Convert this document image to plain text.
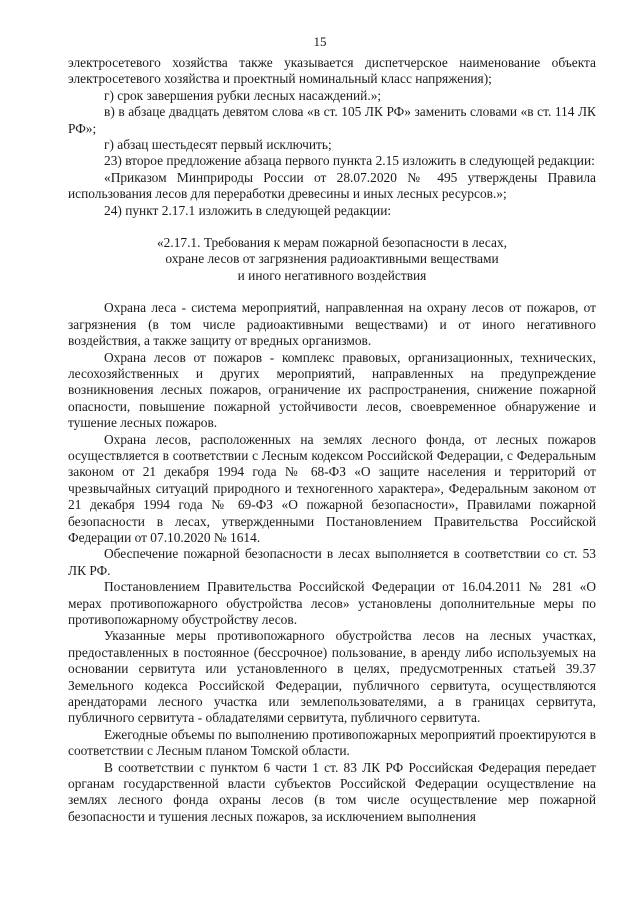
15

электросетевого хозяйства также указывается диспетчерское наименование объекта электросетевого хозяйства и проектный номинальный класс напряжения);

г) срок завершения рубки лесных насаждений.»;

в) в абзаце двадцать девятом слова «в ст. 105 ЛК РФ» заменить словами «в ст. 114 ЛК РФ»;

г) абзац шестьдесят первый исключить;

23) второе предложение абзаца первого пункта 2.15 изложить в следующей редакции:

«Приказом Минприроды России от 28.07.2020 № 495 утверждены Правила использования лесов для переработки древесины и иных лесных ресурсов.»;

24) пункт 2.17.1 изложить в следующей редакции:

«2.17.1. Требования к мерам пожарной безопасности в лесах,
охране лесов от загрязнения радиоактивными веществами
и иного негативного воздействия

Охрана леса - система мероприятий, направленная на охрану лесов от пожаров, от загрязнения (в том числе радиоактивными веществами) и от иного негативного воздействия, а также защиту от вредных организмов.

Охрана лесов от пожаров - комплекс правовых, организационных, технических, лесохозяйственных и других мероприятий, направленных на предупреждение возникновения лесных пожаров, ограничение их распространения, снижение пожарной опасности, повышение пожарной устойчивости лесов, своевременное обнаружение и тушение лесных пожаров.

Охрана лесов, расположенных на землях лесного фонда, от лесных пожаров осуществляется в соответствии с Лесным кодексом Российской Федерации, с Федеральным законом от 21 декабря 1994 года № 68-ФЗ «О защите населения и территорий от чрезвычайных ситуаций природного и техногенного характера», Федеральным законом от 21 декабря 1994 года № 69-ФЗ «О пожарной безопасности», Правилами пожарной безопасности в лесах, утвержденными Постановлением Правительства Российской Федерации от 07.10.2020 № 1614.

Обеспечение пожарной безопасности в лесах выполняется в соответствии со ст. 53 ЛК РФ.

Постановлением Правительства Российской Федерации от 16.04.2011 № 281 «О мерах противопожарного обустройства лесов» установлены дополнительные меры по противопожарному обустройству лесов.

Указанные меры противопожарного обустройства лесов на лесных участках, предоставленных в постоянное (бессрочное) пользование, в аренду либо используемых на основании сервитута или установленного в целях, предусмотренных статьей 39.37 Земельного кодекса Российской Федерации, публичного сервитута, осуществляются арендаторами лесного участка или землепользователями, а в границах сервитута, публичного сервитута - обладателями сервитута, публичного сервитута.

Ежегодные объемы по выполнению противопожарных мероприятий проектируются в соответствии с Лесным планом Томской области.

В соответствии с пунктом 6 части 1 ст. 83 ЛК РФ Российская Федерация передает органам государственной власти субъектов Российской Федерации осуществление на землях лесного фонда охраны лесов (в том числе осуществление мер пожарной безопасности и тушения лесных пожаров, за исключением выполнения
